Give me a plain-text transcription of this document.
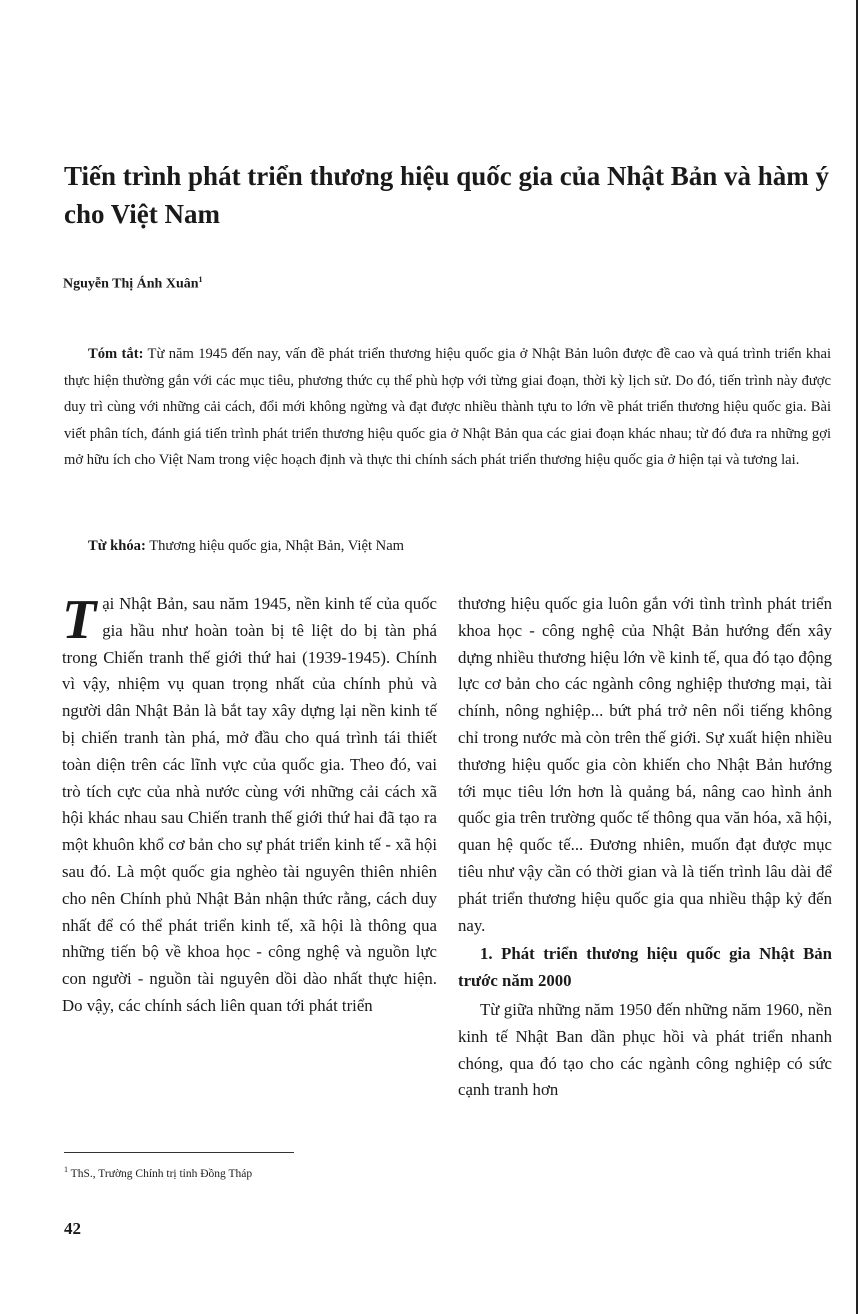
Tiến trình phát triển thương hiệu quốc gia của Nhật Bản và hàm ý cho Việt Nam
Nguyễn Thị Ánh Xuân$^1$

Tóm tắt: Từ năm 1945 đến nay, vấn đề phát triển thương hiệu quốc gia ở Nhật Bản luôn được đề cao và quá trình triển khai thực hiện thường gắn với các mục tiêu, phương thức cụ thể phù hợp với từng giai đoạn, thời kỳ lịch sử. Do đó, tiến trình này được duy trì cùng với những cải cách, đổi mới không ngừng và đạt được nhiều thành tựu to lớn về phát triển thương hiệu quốc gia. Bài viết phân tích, đánh giá tiến trình phát triển thương hiệu quốc gia ở Nhật Bản qua các giai đoạn khác nhau; từ đó đưa ra những gợi mở hữu ích cho Việt Nam trong việc hoạch định và thực thi chính sách phát triển thương hiệu quốc gia ở hiện tại và tương lai.

Từ khóa: Thương hiệu quốc gia, Nhật Bản, Việt Nam

Tại Nhật Bản, sau năm 1945, nền kinh tế của quốc gia hầu như hoàn toàn bị tê liệt do bị tàn phá trong Chiến tranh thế giới thứ hai (1939-1945). Chính vì vậy, nhiệm vụ quan trọng nhất của chính phủ và người dân Nhật Bản là bắt tay xây dựng lại nền kinh tế bị chiến tranh tàn phá, mở đầu cho quá trình tái thiết toàn diện trên các lĩnh vực của quốc gia. Theo đó, vai trò tích cực của nhà nước cùng với những cải cách xã hội khác nhau sau Chiến tranh thế giới thứ hai đã tạo ra một khuôn khổ cơ bản cho sự phát triển kinh tế - xã hội sau đó. Là một quốc gia nghèo tài nguyên thiên nhiên cho nên Chính phủ Nhật Bản nhận thức rằng, cách duy nhất để có thể phát triển kinh tế, xã hội là thông qua những tiến bộ về khoa học - công nghệ và nguồn lực con người - nguồn tài nguyên dồi dào nhất thực hiện. Do vậy, các chính sách liên quan tới phát triển

thương hiệu quốc gia luôn gắn với tình trình phát triển khoa học - công nghệ của Nhật Bản hướng đến xây dựng nhiều thương hiệu lớn về kinh tế, qua đó tạo động lực cơ bản cho các ngành công nghiệp thương mại, tài chính, nông nghiệp... bứt phá trở nên nổi tiếng không chỉ trong nước mà còn trên thế giới. Sự xuất hiện nhiều thương hiệu quốc gia còn khiến cho Nhật Bản hướng tới mục tiêu lớn hơn là quảng bá, nâng cao hình ảnh quốc gia trên trường quốc tế thông qua văn hóa, xã hội, quan hệ quốc tế... Đương nhiên, muốn đạt được mục tiêu như vậy cần có thời gian và là tiến trình lâu dài để phát triển thương hiệu quốc gia qua nhiều thập kỷ đến nay.

1. Phát triển thương hiệu quốc gia Nhật Bản trước năm 2000

Từ giữa những năm 1950 đến những năm 1960, nền kinh tế Nhật Ban dần phục hồi và phát triển nhanh chóng, qua đó tạo cho các ngành công nghiệp có sức cạnh tranh hơn

$^1$ ThS., Trường Chính trị tỉnh Đồng Tháp
42
